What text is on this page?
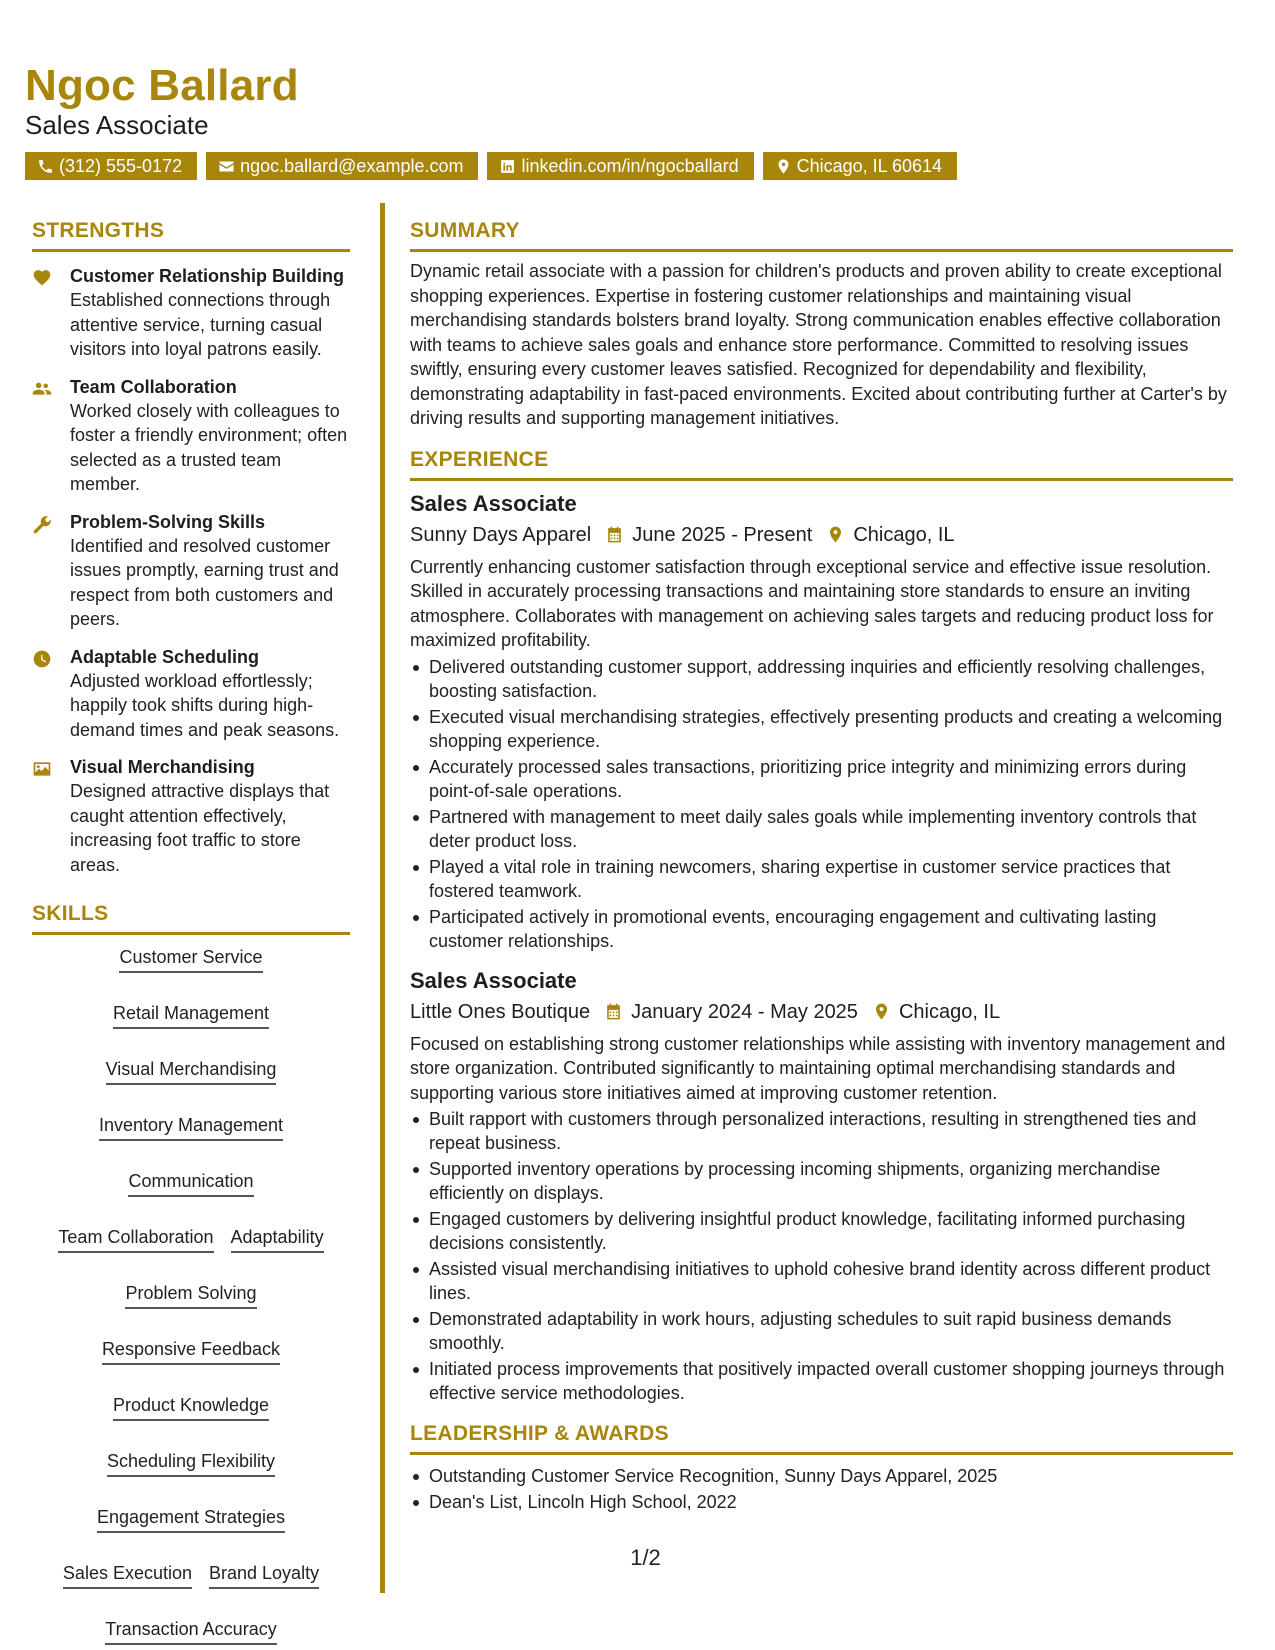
Ngoc Ballard
Sales Associate
(312) 555-0172	ngoc.ballard@example.com	linkedin.com/in/ngocballard	Chicago, IL 60614
STRENGTHS
Customer Relationship Building
Established connections through attentive service, turning casual visitors into loyal patrons easily.
Team Collaboration
Worked closely with colleagues to foster a friendly environment; often selected as a trusted team member.
Problem-Solving Skills
Identified and resolved customer issues promptly, earning trust and respect from both customers and peers.
Adaptable Scheduling
Adjusted workload effortlessly; happily took shifts during high-demand times and peak seasons.
Visual Merchandising
Designed attractive displays that caught attention effectively, increasing foot traffic to store areas.
SKILLS
Customer Service
Retail Management
Visual Merchandising
Inventory Management
Communication
Team Collaboration Adaptability
Problem Solving
Responsive Feedback
Product Knowledge
Scheduling Flexibility
Engagement Strategies
Sales Execution Brand Loyalty
Transaction Accuracy
SUMMARY
Dynamic retail associate with a passion for children's products and proven ability to create exceptional shopping experiences. Expertise in fostering customer relationships and maintaining visual merchandising standards bolsters brand loyalty. Strong communication enables effective collaboration with teams to achieve sales goals and enhance store performance. Committed to resolving issues swiftly, ensuring every customer leaves satisfied. Recognized for dependability and flexibility, demonstrating adaptability in fast-paced environments. Excited about contributing further at Carter's by driving results and supporting management initiatives.
EXPERIENCE
Sales Associate
Sunny Days Apparel June 2025 - Present Chicago, IL
Currently enhancing customer satisfaction through exceptional service and effective issue resolution. Skilled in accurately processing transactions and maintaining store standards to ensure an inviting atmosphere. Collaborates with management on achieving sales targets and reducing product loss for maximized profitability.
Delivered outstanding customer support, addressing inquiries and efficiently resolving challenges, boosting satisfaction.
Executed visual merchandising strategies, effectively presenting products and creating a welcoming shopping experience.
Accurately processed sales transactions, prioritizing price integrity and minimizing errors during point-of-sale operations.
Partnered with management to meet daily sales goals while implementing inventory controls that deter product loss.
Played a vital role in training newcomers, sharing expertise in customer service practices that fostered teamwork.
Participated actively in promotional events, encouraging engagement and cultivating lasting customer relationships.
Sales Associate
Little Ones Boutique January 2024 - May 2025 Chicago, IL
Focused on establishing strong customer relationships while assisting with inventory management and store organization. Contributed significantly to maintaining optimal merchandising standards and supporting various store initiatives aimed at improving customer retention.
Built rapport with customers through personalized interactions, resulting in strengthened ties and repeat business.
Supported inventory operations by processing incoming shipments, organizing merchandise efficiently on displays.
Engaged customers by delivering insightful product knowledge, facilitating informed purchasing decisions consistently.
Assisted visual merchandising initiatives to uphold cohesive brand identity across different product lines.
Demonstrated adaptability in work hours, adjusting schedules to suit rapid business demands smoothly.
Initiated process improvements that positively impacted overall customer shopping journeys through effective service methodologies.
LEADERSHIP & AWARDS
Outstanding Customer Service Recognition, Sunny Days Apparel, 2025
Dean's List, Lincoln High School, 2022
1/2
